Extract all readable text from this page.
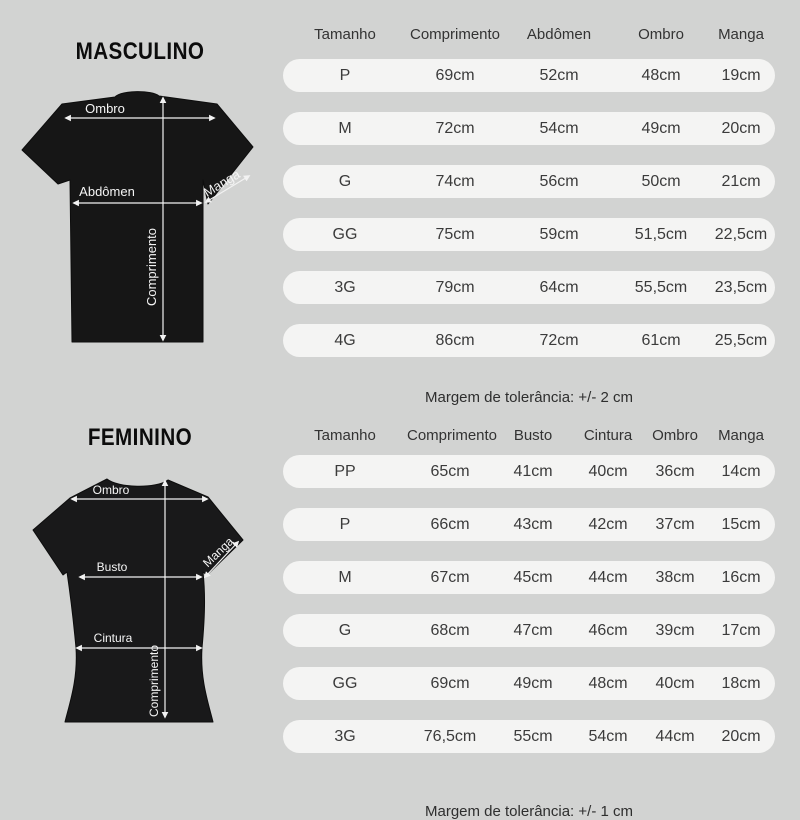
MASCULINO
Ombro
Abdômen
Comprimento
Manga
Tamanho	Comprimento	Abdômen	Ombro	Manga
P	69cm	52cm	48cm	19cm
M	72cm	54cm	49cm	20cm
G	74cm	56cm	50cm	21cm
GG	75cm	59cm	51,5cm	22,5cm
3G	79cm	64cm	55,5cm	23,5cm
4G	86cm	72cm	61cm	25,5cm
Margem de tolerância: +/- 2 cm
FEMININO
Ombro
Busto
Cintura
Comprimento
Manga
Tamanho	Comprimento	Busto	Cintura	Ombro	Manga
PP	65cm	41cm	40cm	36cm	14cm
P	66cm	43cm	42cm	37cm	15cm
M	67cm	45cm	44cm	38cm	16cm
G	68cm	47cm	46cm	39cm	17cm
GG	69cm	49cm	48cm	40cm	18cm
3G	76,5cm	55cm	54cm	44cm	20cm
Margem de tolerância: +/- 1 cm
